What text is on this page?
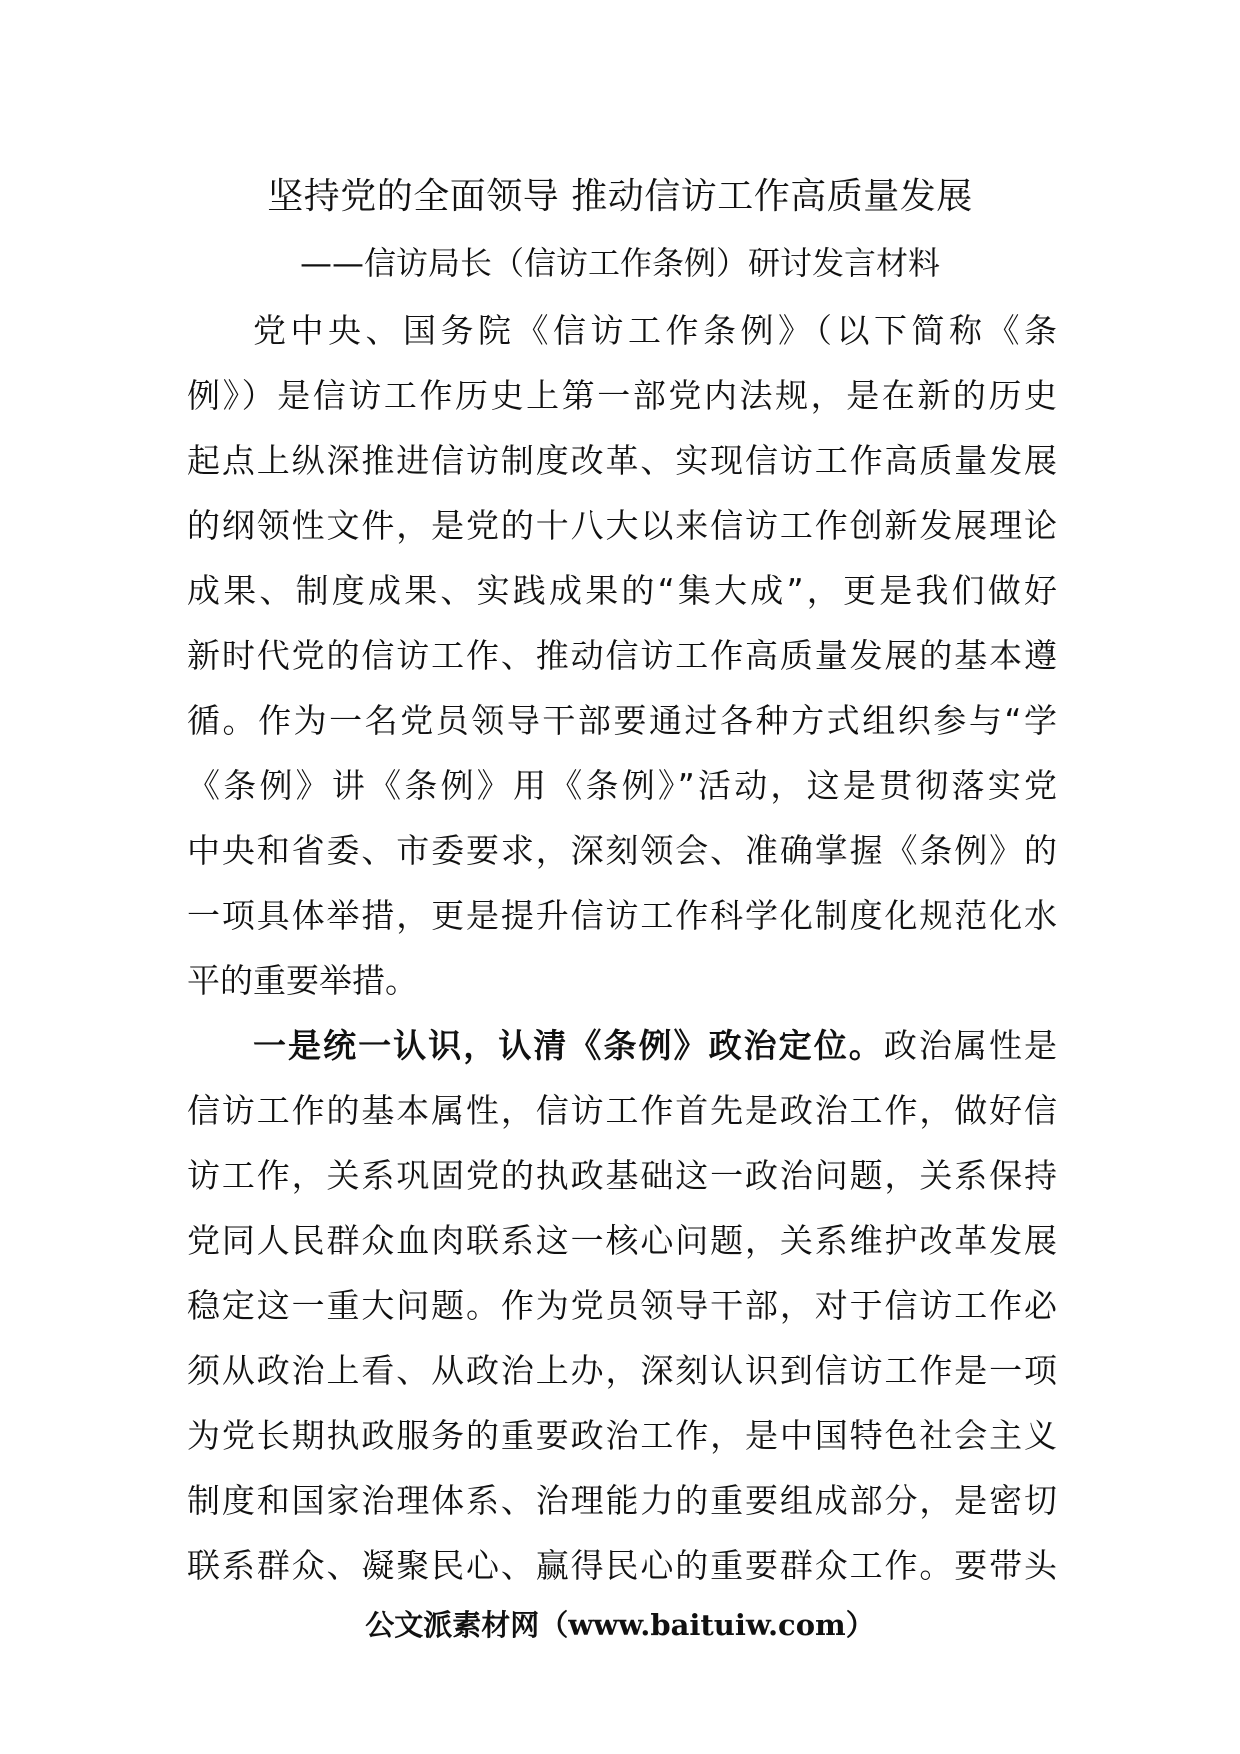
坚持党的全面领导 推动信访工作高质量发展
——信访局长（信访工作条例）研讨发言材料
党中央、国务院《信访工作条例》（以下简称《条
例》）是信访工作历史上第一部党内法规，是在新的历史
起点上纵深推进信访制度改革、实现信访工作高质量发展
的纲领性文件，是党的十八大以来信访工作创新发展理论
成果、制度成果、实践成果的“集大成”，更是我们做好
新时代党的信访工作、推动信访工作高质量发展的基本遵
循。作为一名党员领导干部要通过各种方式组织参与“学
《条例》讲《条例》用《条例》”活动，这是贯彻落实党
中央和省委、市委要求，深刻领会、准确掌握《条例》的
一项具体举措，更是提升信访工作科学化制度化规范化水
平的重要举措。
一是统一认识，认清《条例》政治定位。政治属性是
信访工作的基本属性，信访工作首先是政治工作，做好信
访工作，关系巩固党的执政基础这一政治问题，关系保持
党同人民群众血肉联系这一核心问题，关系维护改革发展
稳定这一重大问题。作为党员领导干部，对于信访工作必
须从政治上看、从政治上办，深刻认识到信访工作是一项
为党长期执政服务的重要政治工作，是中国特色社会主义
制度和国家治理体系、治理能力的重要组成部分，是密切
联系群众、凝聚民心、赢得民心的重要群众工作。要带头
公文派素材网（www.baituiw.com）
